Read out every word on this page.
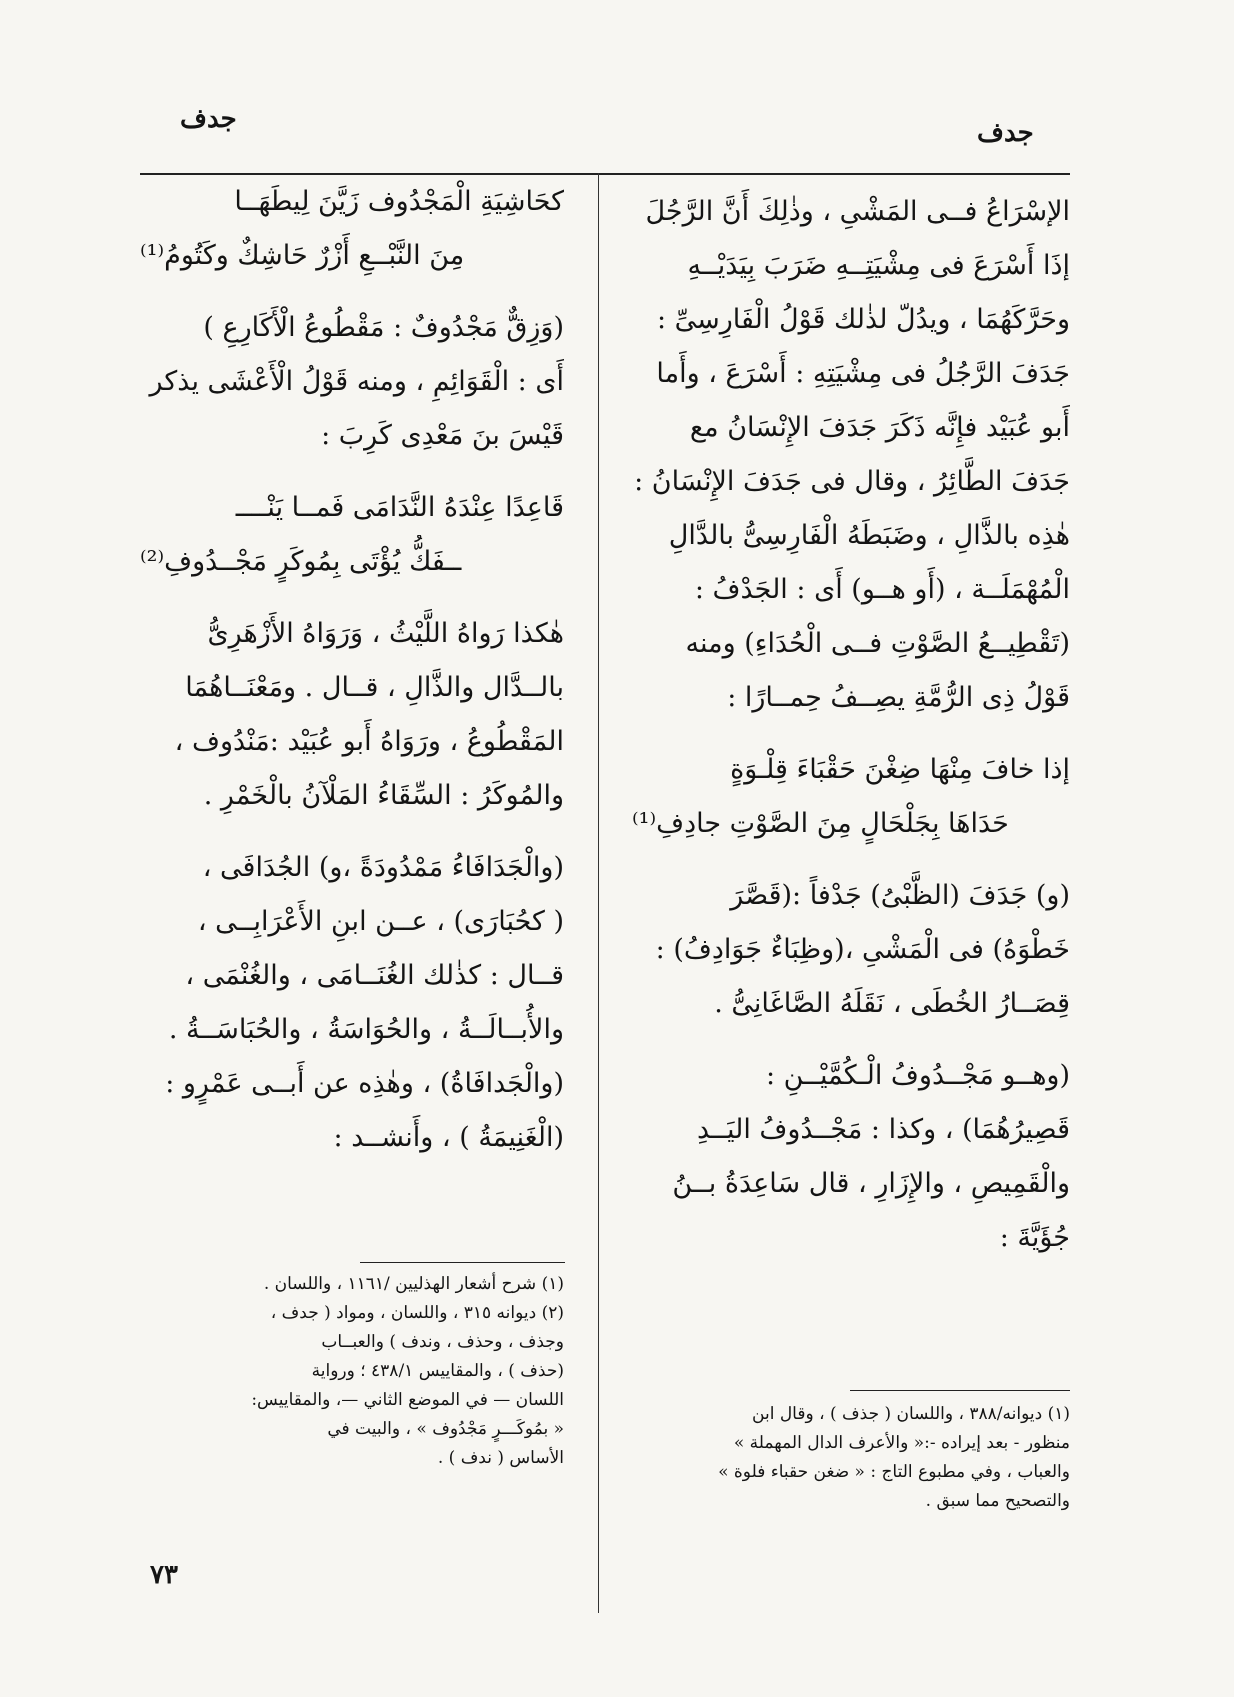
جدف
جدف
الإسْرَاعُ فــى المَشْىِ ، وذٰلِكَ أَنَّ الرَّجُلَ
إذَا أَسْرَعَ فى مِشْيَتِــهِ ضَرَبَ بِيَدَيْــهِ
وحَرَّكَهُمَا ، ويدُلّ لذٰلك قَوْلُ الْفَارِسِىِّ :
جَدَفَ الرَّجُلُ فى مِشْيَتِهِ : أَسْرَعَ ، وأَما
أَبو عُبَيْد فإِنَّه ذَكَرَ جَدَفَ الإِنْسَانُ مع
جَدَفَ الطَّائِرُ ، وقال فى جَدَفَ الإِنْسَانُ :
هٰذِه بالذَّالِ ، وضَبَطَهُ الْفَارِسِىُّ بالدَّالِ
الْمُهْمَلَــة ، (أَو هــو) أَى : الجَدْفُ :
(تَقْطِيــعُ الصَّوْتِ فــى الْحُدَاءِ) ومنه
قَوْلُ ذِى الرُّمَّةِ يصِــفُ حِمــارًا :
إذا خافَ مِنْهَا ضِغْنَ حَقْبَاءَ قِلْـوَةٍ
حَدَاهَا بِجَلْحَالٍ مِنَ الصَّوْتِ جادِفِ⁽¹⁾
(و) جَدَفَ (الظَّبْىُ) جَدْفاً :(قَصَّرَ
خَطْوَهُ) فى الْمَشْىِ ،(وظِبَاءٌ جَوَادِفُ) :
قِصَــارُ الخُطَى ، نَقَلَهُ الصَّاغَانِىُّ .
(وهــو مَجْــدُوفُ الْـكُمَّيْــنِ :
قَصِيرُهُمَا) ، وكذا : مَجْــدُوفُ اليَــدِ
والْقَمِيصِ ، والإِزَارِ ، قال سَاعِدَةُ بــنُ
جُؤَيَّةَ :
كحَاشِيَةِ الْمَجْدُوف زَيَّنَ لِيطَهَــا
مِنَ النَّبْــعِ أَزْرٌ حَاشِكٌ وكَتُومُ⁽¹⁾
(وَزِقٌّ مَجْدُوفٌ : مَقْطُوعُ الْأَكَارِعِ )
أَى : الْقَوَائِمِ ، ومنه قَوْلُ الْأَعْشَى يذكر
قَيْسَ بنَ مَعْدِى كَرِبَ :
قَاعِدًا عِنْدَهُ النَّدَامَى فَمــا يَنْــــ
ــفَكُّ يُؤْتَى بِمُوكَرٍ مَجْــدُوفِ⁽²⁾
هٰكذا رَواهُ اللَّيْثُ ، وَرَوَاهُ الأَزْهَرِىُّ
بالــدَّال والذَّالِ ، قــال . ومَعْنَــاهُمَا
المَقْطُوعُ ، ورَوَاهُ أَبو عُبَيْد :مَنْدُوف ،
والمُوكَرُ : السِّقَاءُ المَلْآنُ بالْخَمْرِ .
(والْجَدَافَاءُ مَمْدُودَةً ،و) الجُدَافَى ،
( كحُبَارَى) ، عــن ابنِ الأَعْرَابِــى ،
قــال : كذٰلك الغُنَــامَى ، والغُنْمَى ،
والأُبــالَــةُ ، والحُوَاسَةُ ، والحُبَاسَــةُ .
(والْجَدافَاةُ) ، وهٰذِه عن أَبــى عَمْرٍو :
(الْغَنِيمَةُ ) ، وأَنشــد :
(١) ديوانه/٣٨٨ ، واللسان ( جذف ) ، وقال ابن
منظور - بعد إيراده -:« والأعرف الدال المهملة »
والعباب ، وفي مطبوع التاج : « ضغن حقباء فلوة »
والتصحيح مما سبق .
(١) شرح أشعار الهذليين /١١٦١ ، واللسان .
(٢) ديوانه ٣١٥ ، واللسان ، ومواد ( جدف ،
وجذف ، وحذف ، وندف ) والعبــاب
(حذف ) ، والمقاييس ٤٣٨/١ ؛ ورواية
اللسان — في الموضع الثاني —، والمقاييس:
« بمُوكَـــرٍ مَجْدُوف » ، والبيت في
الأساس ( ندف ) .
٧٣
